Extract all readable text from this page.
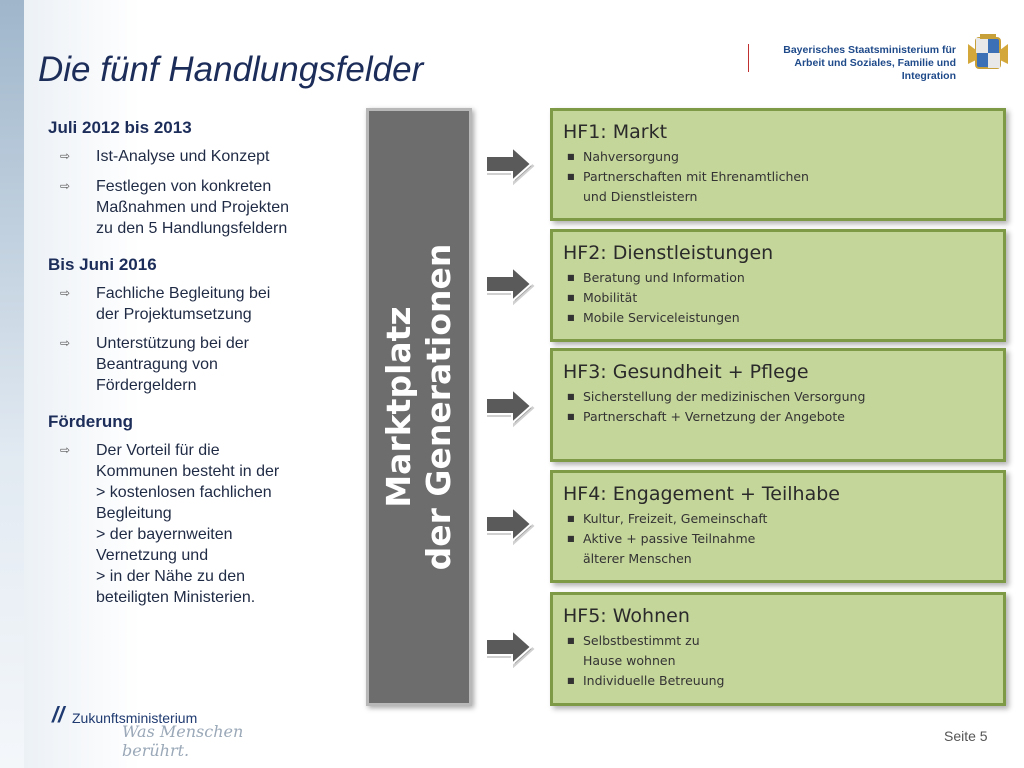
Die fünf Handlungsfelder	Bayerisches Staatsministerium für
Arbeit und Soziales, Familie und Integration
Juli 2012 bis 2013
⇨ Ist-Analyse und Konzept
⇨ Festlegen von konkreten
Maßnahmen und Projekten
zu den 5 Handlungsfeldern
Bis Juni 2016
⇨ Fachliche Begleitung bei
der Projektumsetzung
⇨ Unterstützung bei der
Beantragung von
Fördergeldern
Förderung
⇨ Der Vorteil für die
Kommunen besteht in der
> kostenlosen fachlichen
Begleitung
> der bayernweiten
Vernetzung und
> in der Nähe zu den
beteiligten Ministerien.
Marktplatz der Generationen
HF1: Markt
■ Nahversorgung
■ Partnerschaften mit Ehrenamtlichen
und Dienstleistern
HF2: Dienstleistungen
■ Beratung und Information
■ Mobilität
■ Mobile Serviceleistungen
HF3: Gesundheit + Pflege
■ Sicherstellung der medizinischen Versorgung
■ Partnerschaft + Vernetzung der Angebote
HF4: Engagement + Teilhabe
■ Kultur, Freizeit, Gemeinschaft
■ Aktive + passive Teilnahme
älterer Menschen
HF5: Wohnen
■ Selbstbestimmt zu
Hause wohnen
■ Individuelle Betreuung
// Zukunftsministerium
Was Menschen berührt.
Seite 5
